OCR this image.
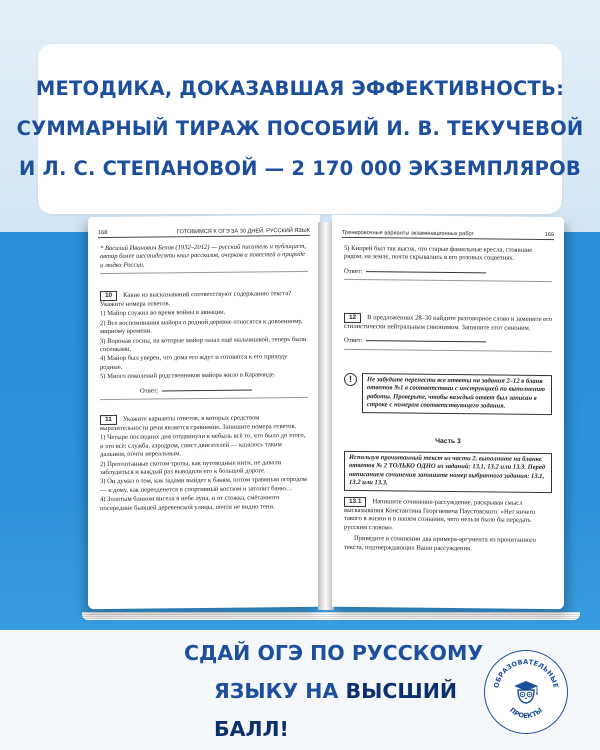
МЕТОДИКА, ДОКАЗАВШАЯ ЭФФЕКТИВНОСТЬ:
СУММАРНЫЙ ТИРАЖ ПОСОБИЙ И. В. ТЕКУЧЕВОЙ
И Л. С. СТЕПАНОВОЙ — 2 170 000 ЭКЗЕМПЛЯРОВ
168	ГОТОВИМСЯ К ОГЭ ЗА 30 ДНЕЙ. РУССКИЙ ЯЗЫК
* Василий Иванович Белов (1932–2012) — русский писатель и публицист, автор более шестидесяти книг рассказов, очерков и повестей о природе и людях России.
10 Какие из высказываний соответствуют содержанию текста? Укажите номера ответов.
1) Майор служил во время войны в авиации.
2) Все воспоминания майора о родной деревне относятся к довоенному, мирному времени.
3) Вороная сосны, на которые майор лазал ещё мальчишкой, теперь были сосенками.
4) Майор был уверен, что дома его ждут и готовятся к его приходу родные.
5) Много поколений родственников майора жило в Караваиде.
Ответ:
11 Укажите варианты ответов, в которых средством выразительности речи является сравнение. Запишите номера ответов.
1) Четыре последних дня отодвинули в небыль всё то, что было до этого, и это всё: служба, аэродром, свист двигателей — казалось таким дальним, почти нереальным.
2) Протоптанные скотом тропы, как путеводные нити, не давали заблудиться и каждый раз выводили его к большой дороге.
3) Он думал о том, как задами выйдет к баням, потом травяным огородом — к дому, как переоденется в спортивный костюм и затопит баню…
4) Золотым блином висела в небе луна, и от стожка, смётанного посередине бывшей деревенской улицы, почти не видно тени.
Тренировочные варианты экзаменационных работ	169
5) Кипрей был так высок, что старые фамильные кресла, стоявшие рядом, на земле, почти скрывались в его розовых соцветиях.
Ответ:
12 В предложениях 28–30 найдите разговорное слово и замените его стилистически нейтральным синонимом. Запишите этот синоним.
Ответ:
!	Не забудьте перенести все ответы на задания 2–12 в бланк ответов №1 в соответствии с инструкцией по выполнению работы. Проверьте, чтобы каждый ответ был записан в строке с номером соответствующего задания.
Часть 3
Используя прочитанный текст из части 2, выполните на бланке ответов № 2 ТОЛЬКО ОДНО из заданий: 13.1, 13.2 или 13.3. Перед написанием сочинения запишите номер выбранного задания: 13.1, 13.2 или 13.3.
13.1 Напишите сочинение-рассуждение, раскрывая смысл высказывания Константина Георгиевича Паустовского: «Нет ничего такого в жизни и в нашем сознании, чего нельзя было бы передать русским словом».
Приведите в сочинении два примера-аргумента из прочитанного текста, подтверждающих Ваши рассуждения.
СДАЙ ОГЭ ПО РУССКОМУ
ЯЗЫКУ НА ВЫСШИЙ БАЛЛ!
ОБРАЗОВАТЕЛЬНЫЕ
ПРОЕКТЫ
